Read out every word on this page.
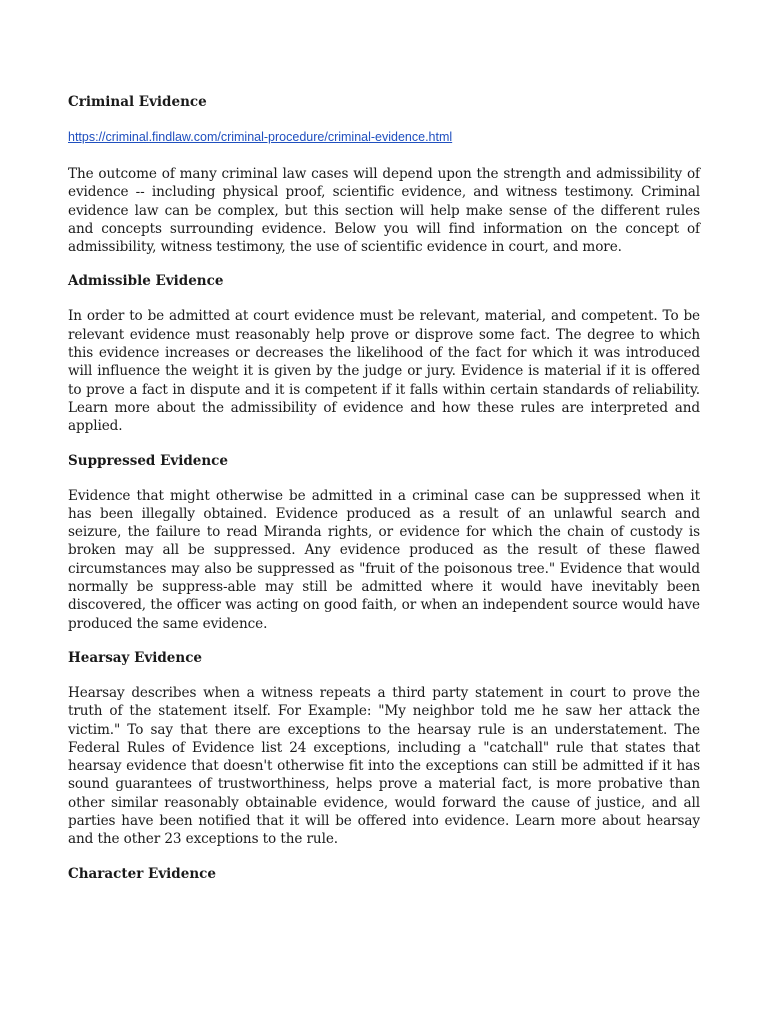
Criminal Evidence
https://criminal.findlaw.com/criminal-procedure/criminal-evidence.html

The outcome of many criminal law cases will depend upon the strength and admissibility of evidence -- including physical proof, scientific evidence, and witness testimony. Criminal evidence law can be complex, but this section will help make sense of the different rules and concepts surrounding evidence. Below you will find information on the concept of admissibility, witness testimony, the use of scientific evidence in court, and more.

Admissible Evidence

In order to be admitted at court evidence must be relevant, material, and competent. To be relevant evidence must reasonably help prove or disprove some fact. The degree to which this evidence increases or decreases the likelihood of the fact for which it was introduced will influence the weight it is given by the judge or jury. Evidence is material if it is offered to prove a fact in dispute and it is competent if it falls within certain standards of reliability. Learn more about the admissibility of evidence and how these rules are interpreted and applied.

Suppressed Evidence

Evidence that might otherwise be admitted in a criminal case can be suppressed when it has been illegally obtained. Evidence produced as a result of an unlawful search and seizure, the failure to read Miranda rights, or evidence for which the chain of custody is broken may all be suppressed. Any evidence produced as the result of these flawed circumstances may also be suppressed as "fruit of the poisonous tree." Evidence that would normally be suppress-able may still be admitted where it would have inevitably been discovered, the officer was acting on good faith, or when an independent source would have produced the same evidence.

Hearsay Evidence

Hearsay describes when a witness repeats a third party statement in court to prove the truth of the statement itself. For Example: "My neighbor told me he saw her attack the victim." To say that there are exceptions to the hearsay rule is an understatement. The Federal Rules of Evidence list 24 exceptions, including a "catchall" rule that states that hearsay evidence that doesn't otherwise fit into the exceptions can still be admitted if it has sound guarantees of trustworthiness, helps prove a material fact, is more probative than other similar reasonably obtainable evidence, would forward the cause of justice, and all parties have been notified that it will be offered into evidence. Learn more about hearsay and the other 23 exceptions to the rule.

Character Evidence
